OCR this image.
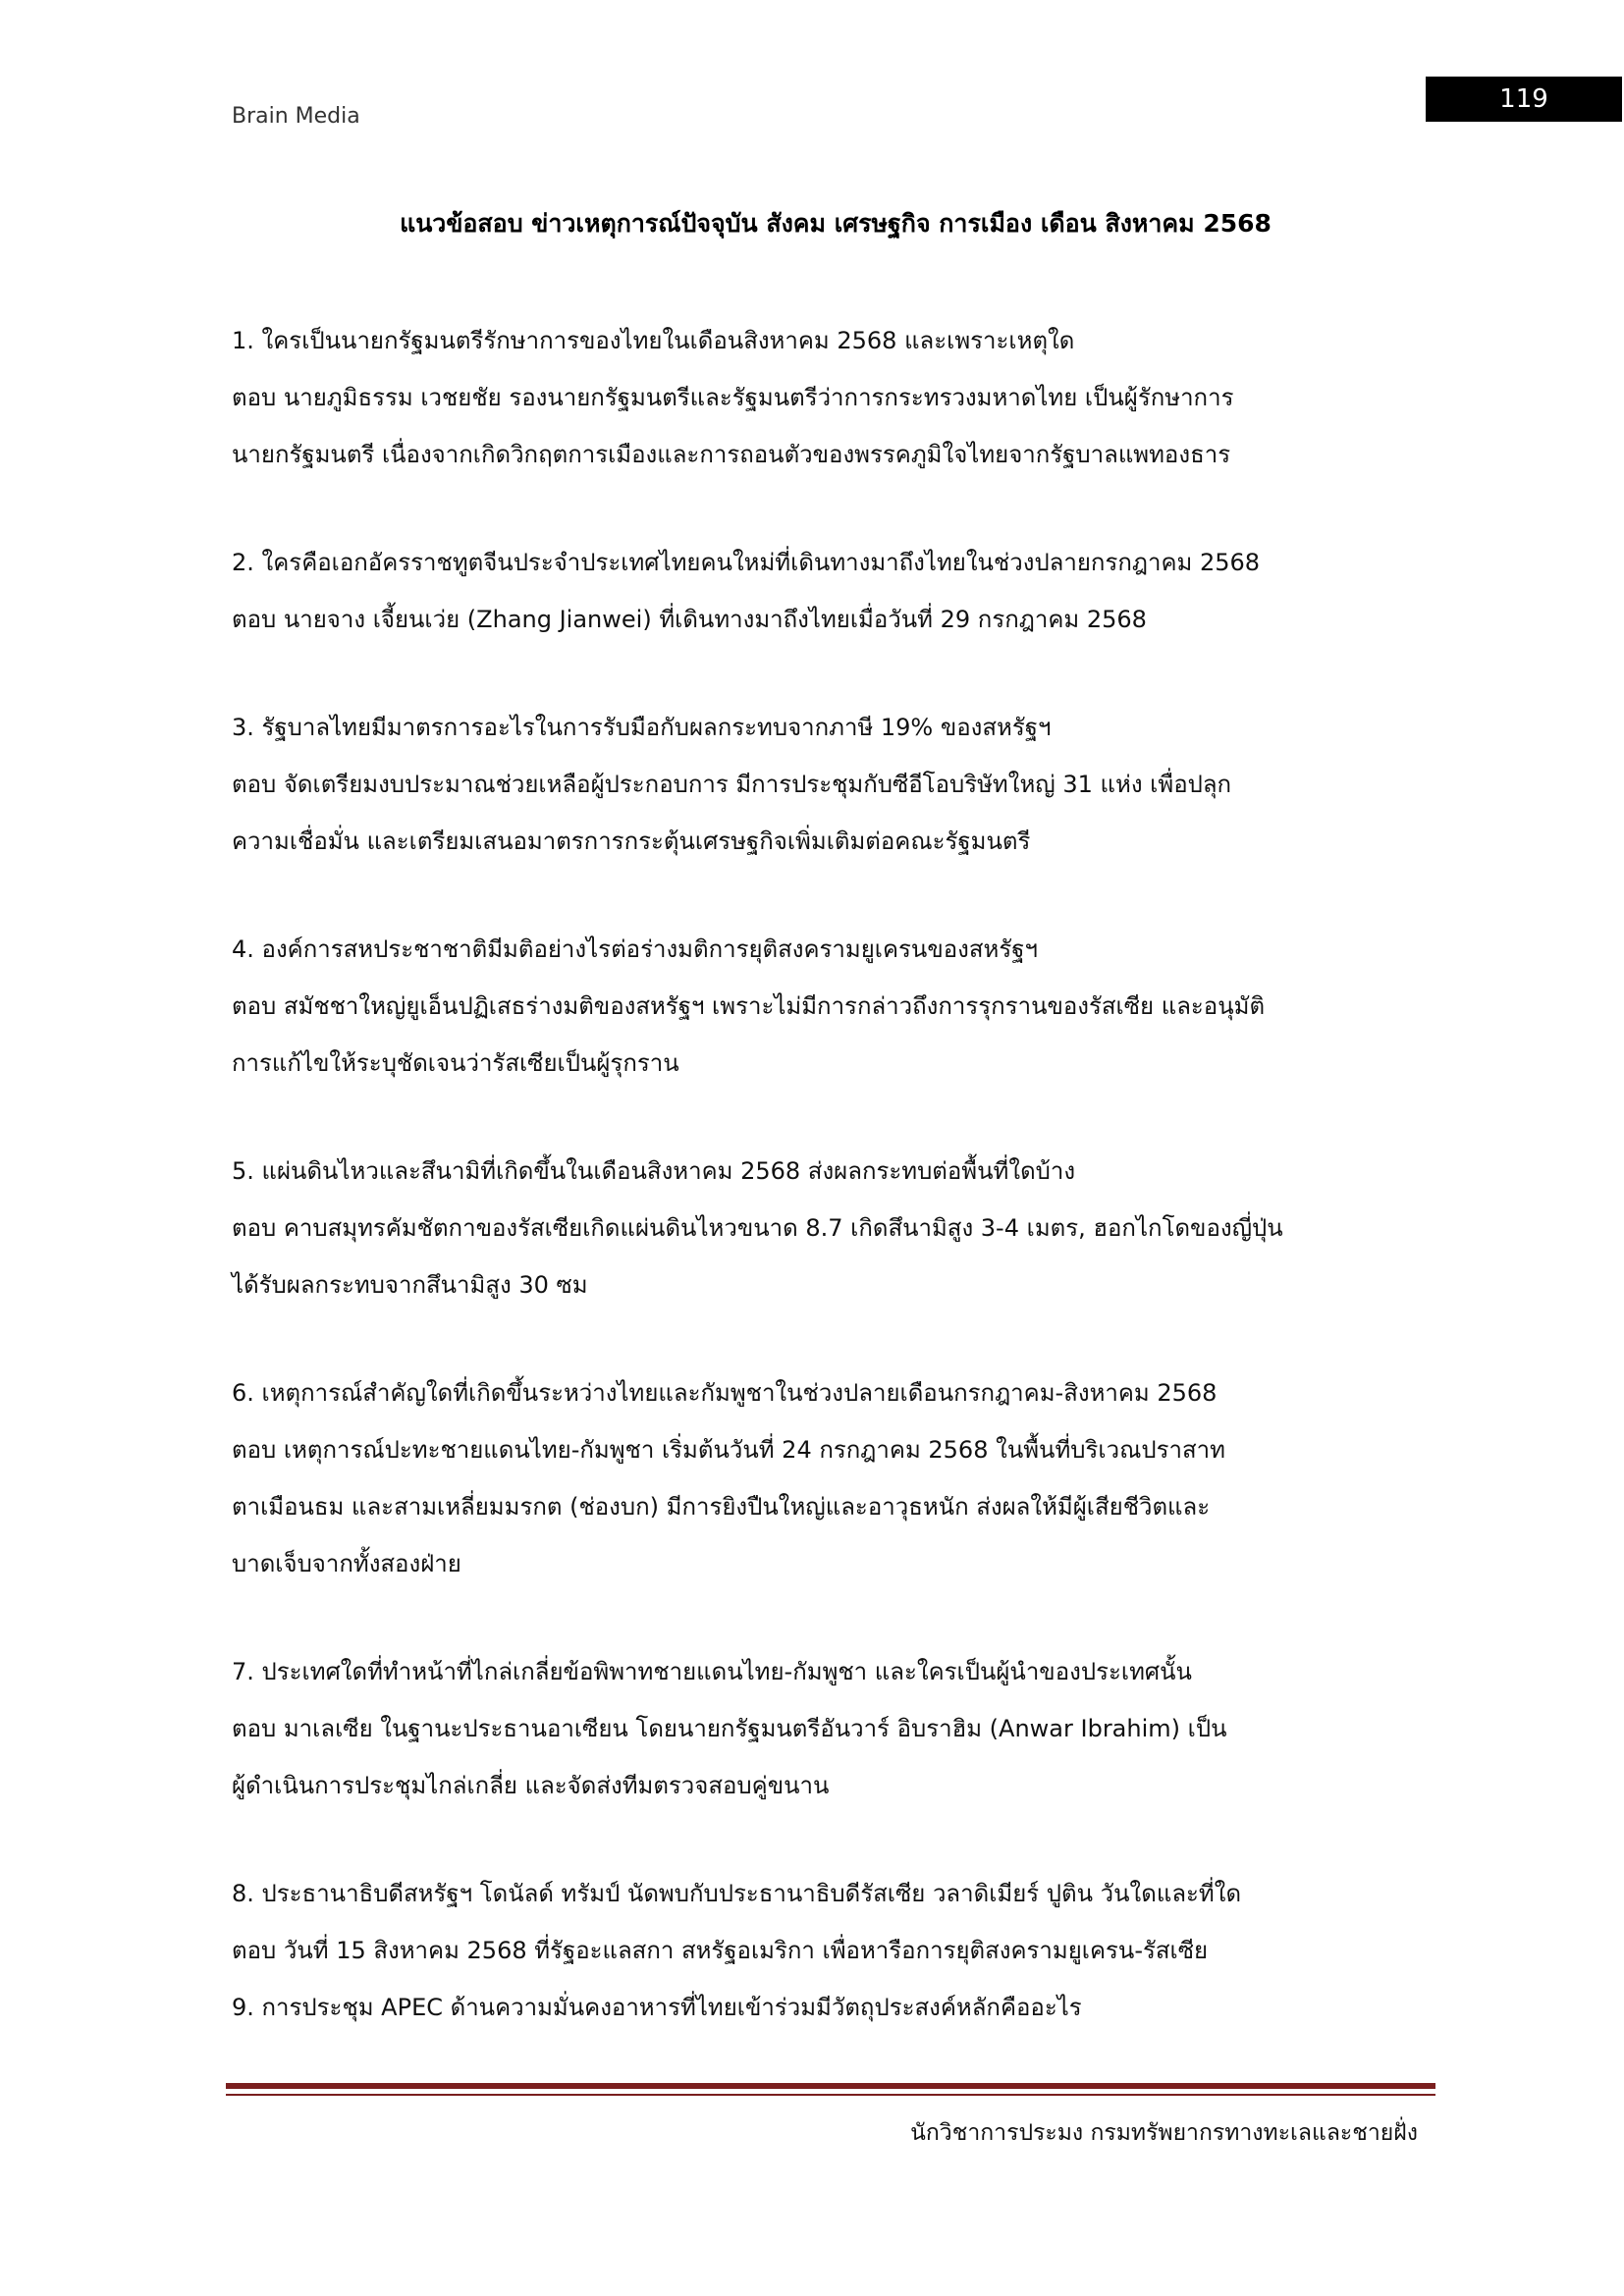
Brain Media
119
แนวข้อสอบ ข่าวเหตุการณ์ปัจจุบัน สังคม เศรษฐกิจ การเมือง เดือน สิงหาคม 2568

1. ใครเป็นนายกรัฐมนตรีรักษาการของไทยในเดือนสิงหาคม 2568 และเพราะเหตุใด

ตอบ นายภูมิธรรม เวชยชัย รองนายกรัฐมนตรีและรัฐมนตรีว่าการกระทรวงมหาดไทย เป็นผู้รักษาการ

นายกรัฐมนตรี เนื่องจากเกิดวิกฤตการเมืองและการถอนตัวของพรรคภูมิใจไทยจากรัฐบาลแพทองธาร

2. ใครคือเอกอัครราชทูตจีนประจำประเทศไทยคนใหม่ที่เดินทางมาถึงไทยในช่วงปลายกรกฎาคม 2568

ตอบ นายจาง เจี้ยนเว่ย (Zhang Jianwei) ที่เดินทางมาถึงไทยเมื่อวันที่ 29 กรกฎาคม 2568

3. รัฐบาลไทยมีมาตรการอะไรในการรับมือกับผลกระทบจากภาษี 19% ของสหรัฐฯ

ตอบ จัดเตรียมงบประมาณช่วยเหลือผู้ประกอบการ มีการประชุมกับซีอีโอบริษัทใหญ่ 31 แห่ง เพื่อปลุก

ความเชื่อมั่น และเตรียมเสนอมาตรการกระตุ้นเศรษฐกิจเพิ่มเติมต่อคณะรัฐมนตรี

4. องค์การสหประชาชาติมีมติอย่างไรต่อร่างมติการยุติสงครามยูเครนของสหรัฐฯ

ตอบ สมัชชาใหญ่ยูเอ็นปฏิเสธร่างมติของสหรัฐฯ เพราะไม่มีการกล่าวถึงการรุกรานของรัสเซีย และอนุมัติ

การแก้ไขให้ระบุชัดเจนว่ารัสเซียเป็นผู้รุกราน

5. แผ่นดินไหวและสึนามิที่เกิดขึ้นในเดือนสิงหาคม 2568 ส่งผลกระทบต่อพื้นที่ใดบ้าง

ตอบ คาบสมุทรคัมชัตกาของรัสเซียเกิดแผ่นดินไหวขนาด 8.7 เกิดสึนามิสูง 3-4 เมตร, ฮอกไกโดของญี่ปุ่น

ได้รับผลกระทบจากสึนามิสูง 30 ซม

6. เหตุการณ์สำคัญใดที่เกิดขึ้นระหว่างไทยและกัมพูชาในช่วงปลายเดือนกรกฎาคม-สิงหาคม 2568

ตอบ เหตุการณ์ปะทะชายแดนไทย-กัมพูชา เริ่มต้นวันที่ 24 กรกฎาคม 2568 ในพื้นที่บริเวณปราสาท

ตาเมือนธม และสามเหลี่ยมมรกต (ช่องบก) มีการยิงปืนใหญ่และอาวุธหนัก ส่งผลให้มีผู้เสียชีวิตและ

บาดเจ็บจากทั้งสองฝ่าย

7. ประเทศใดที่ทำหน้าที่ไกล่เกลี่ยข้อพิพาทชายแดนไทย-กัมพูชา และใครเป็นผู้นำของประเทศนั้น

ตอบ มาเลเซีย ในฐานะประธานอาเซียน โดยนายกรัฐมนตรีอันวาร์ อิบราฮิม (Anwar Ibrahim) เป็น

ผู้ดำเนินการประชุมไกล่เกลี่ย และจัดส่งทีมตรวจสอบคู่ขนาน

8. ประธานาธิบดีสหรัฐฯ โดนัลด์ ทรัมป์ นัดพบกับประธานาธิบดีรัสเซีย วลาดิเมียร์ ปูติน วันใดและที่ใด

ตอบ วันที่ 15 สิงหาคม 2568 ที่รัฐอะแลสกา สหรัฐอเมริกา เพื่อหารือการยุติสงครามยูเครน-รัสเซีย

9. การประชุม APEC ด้านความมั่นคงอาหารที่ไทยเข้าร่วมมีวัตถุประสงค์หลักคืออะไร

นักวิชาการประมง กรมทรัพยากรทางทะเลและชายฝั่ง
